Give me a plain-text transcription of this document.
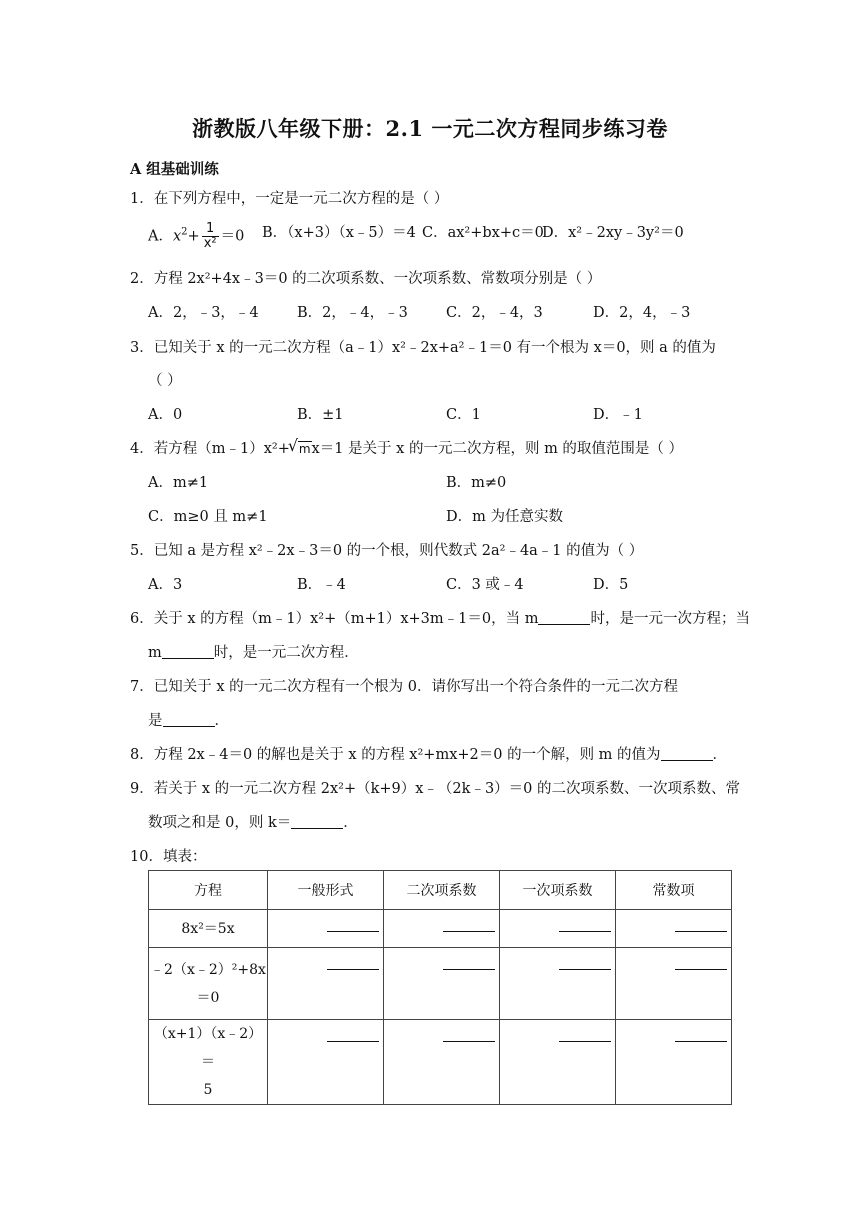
浙教版八年级下册：2.1 一元二次方程同步练习卷
A 组基础训练
1．在下列方程中，一定是一元二次方程的是（ ）
A．$x^2+ \frac{1}{\text{x²}} =0$ B．（x+3）（x﹣5）＝4 C．ax²+bx+c＝0
D．x²﹣2xy﹣3y²＝0
2．方程 2x²+4x﹣3＝0 的二次项系数、一次项系数、常数项分别是（ ）
A．2，﹣3，﹣4	B．2，﹣4，﹣3	C．2，﹣4，3	D．2，4，﹣3
3．已知关于 x 的一元二次方程（a﹣1）x²﹣2x+a²﹣1＝0 有一个根为 x＝0，则 a 的值为
（ ）
A．0	B．±1	C．1	D．﹣1
4．若方程（m﹣1）x²+ √ mx＝1 是关于 x 的一元二次方程，则 m 的取值范围是（ ）
A．m≠1	B．m≠0
C．m≥0 且 m≠1	D．m 为任意实数
5．已知 a 是方程 x²﹣2x﹣3＝0 的一个根，则代数式 2a²﹣4a﹣1 的值为（ ）
A．3	B．﹣4	C．3 或﹣4	D．5
6．关于 x 的方程（m﹣1）x²+（m+1）x+3m﹣1＝0，当 m	时，是一元一次方程；当
m	时，是一元二次方程．
7．已知关于 x 的一元二次方程有一个根为 0．请你写出一个符合条件的一元二次方程
是	．
8．方程 2x﹣4＝0 的解也是关于 x 的方程 x²+mx+2＝0 的一个解，则 m 的值为	．
9．若关于 x 的一元二次方程 2x²+（k+9）x﹣（2k﹣3）＝0 的二次项系数、一次项系数、常
数项之和是 0，则 k＝	．
10．填表：
方程	一般形式	二次项系数	一次项系数	常数项
8x²＝5x	

﹣2（x﹣2）²+8x
＝0	

（x+1）（x﹣2）＝
5	
